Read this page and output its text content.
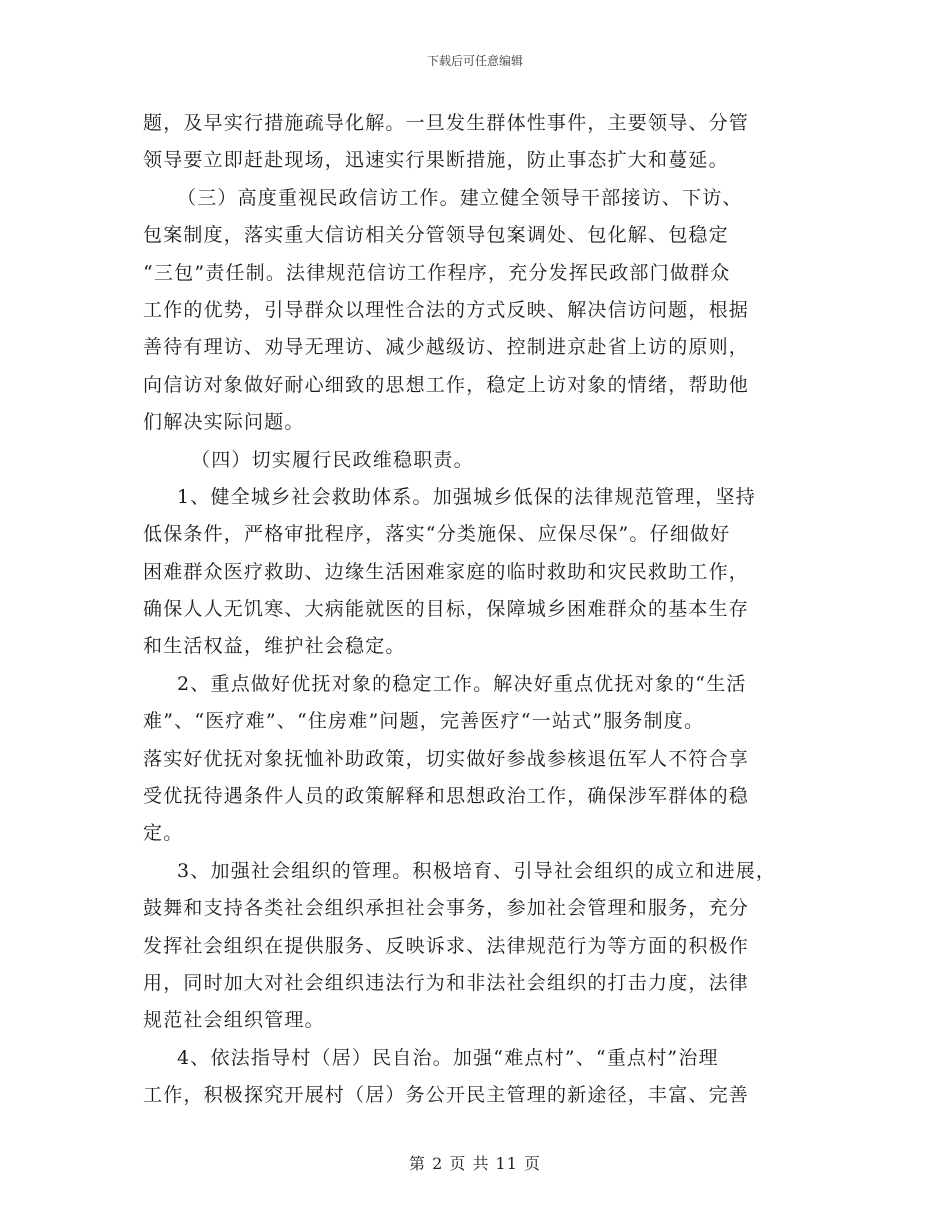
下载后可任意编辑
题，及早实行措施疏导化解。一旦发生群体性事件，主要领导、分管
领导要立即赶赴现场，迅速实行果断措施，防止事态扩大和蔓延。
（三）高度重视民政信访工作。建立健全领导干部接访、下访、
包案制度，落实重大信访相关分管领导包案调处、包化解、包稳定
“三包”责任制。法律规范信访工作程序，充分发挥民政部门做群众
工作的优势，引导群众以理性合法的方式反映、解决信访问题，根据
善待有理访、劝导无理访、减少越级访、控制进京赴省上访的原则，
向信访对象做好耐心细致的思想工作，稳定上访对象的情绪，帮助他
们解决实际问题。
（四）切实履行民政维稳职责。
1、健全城乡社会救助体系。加强城乡低保的法律规范管理，坚持
低保条件，严格审批程序，落实“分类施保、应保尽保”。仔细做好
困难群众医疗救助、边缘生活困难家庭的临时救助和灾民救助工作，
确保人人无饥寒、大病能就医的目标，保障城乡困难群众的基本生存
和生活权益，维护社会稳定。
2、重点做好优抚对象的稳定工作。解决好重点优抚对象的“生活
难”、“医疗难”、“住房难”问题，完善医疗“一站式”服务制度。
落实好优抚对象抚恤补助政策，切实做好参战参核退伍军人不符合享
受优抚待遇条件人员的政策解释和思想政治工作，确保涉军群体的稳
定。
3、加强社会组织的管理。积极培育、引导社会组织的成立和进展，
鼓舞和支持各类社会组织承担社会事务，参加社会管理和服务，充分
发挥社会组织在提供服务、反映诉求、法律规范行为等方面的积极作
用，同时加大对社会组织违法行为和非法社会组织的打击力度，法律
规范社会组织管理。
4、依法指导村（居）民自治。加强“难点村”、“重点村”治理
工作，积极探究开展村（居）务公开民主管理的新途径，丰富、完善
第 2 页 共 11 页
